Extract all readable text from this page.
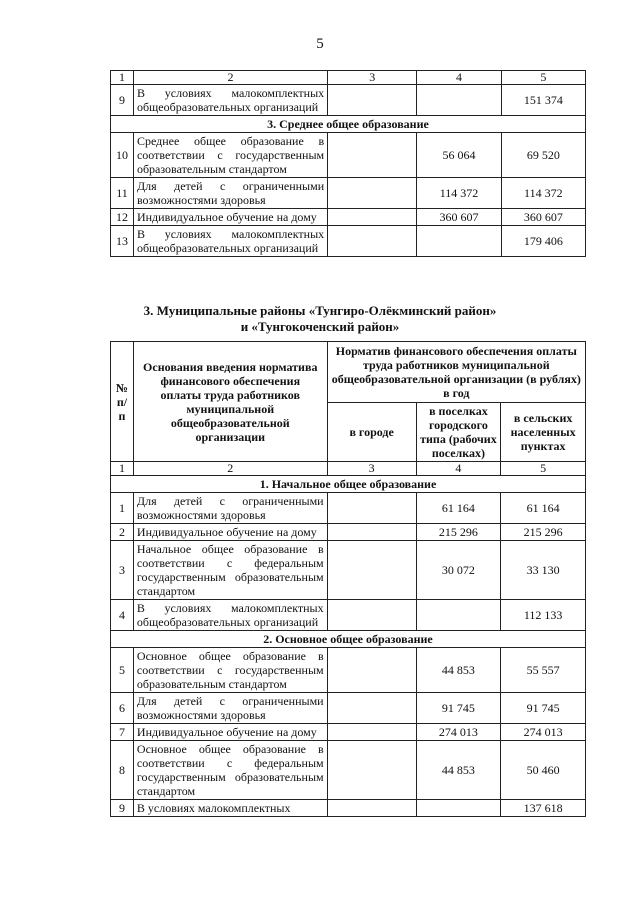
5
1	2	3	4	5
9	В условиях малокомплектных общеобразовательных организаций			151 374
3. Среднее общее образование				
10	Среднее общее образование в соответствии с государственным образовательным стандартом		56 064	69 520
11	Для детей с ограниченными возможностями здоровья		114 372	114 372
12	Индивидуальное обучение на дому		360 607	360 607
13	В условиях малокомплектных общеобразовательных организаций			179 406
3. Муниципальные районы «Тунгиро-Олёкминский район»
и «Тунгокоченский район»
№ п/п	Основания введения норматива финансового обеспечения оплаты труда работников муниципальной общеобразовательной организации	Норматив финансового обеспечения оплаты труда работников муниципальной общеобразовательной организации (в рублях) в год		
		в городе	в поселках городского типа (рабочих поселках)	в сельских населенных пунктах
1	2	3	4	5
1. Начальное общее образование				
1	Для детей с ограниченными возможностями здоровья		61 164	61 164
2	Индивидуальное обучение на дому		215 296	215 296
3	Начальное общее образование в соответствии с федеральным государственным образовательным стандартом		30 072	33 130
4	В условиях малокомплектных общеобразовательных организаций			112 133
2. Основное общее образование				
5	Основное общее образование в соответствии с государственным образовательным стандартом		44 853	55 557
6	Для детей с ограниченными возможностями здоровья		91 745	91 745
7	Индивидуальное обучение на дому		274 013	274 013
8	Основное общее образование в соответствии с федеральным государственным образовательным стандартом		44 853	50 460
9	В условиях малокомплектных			137 618
